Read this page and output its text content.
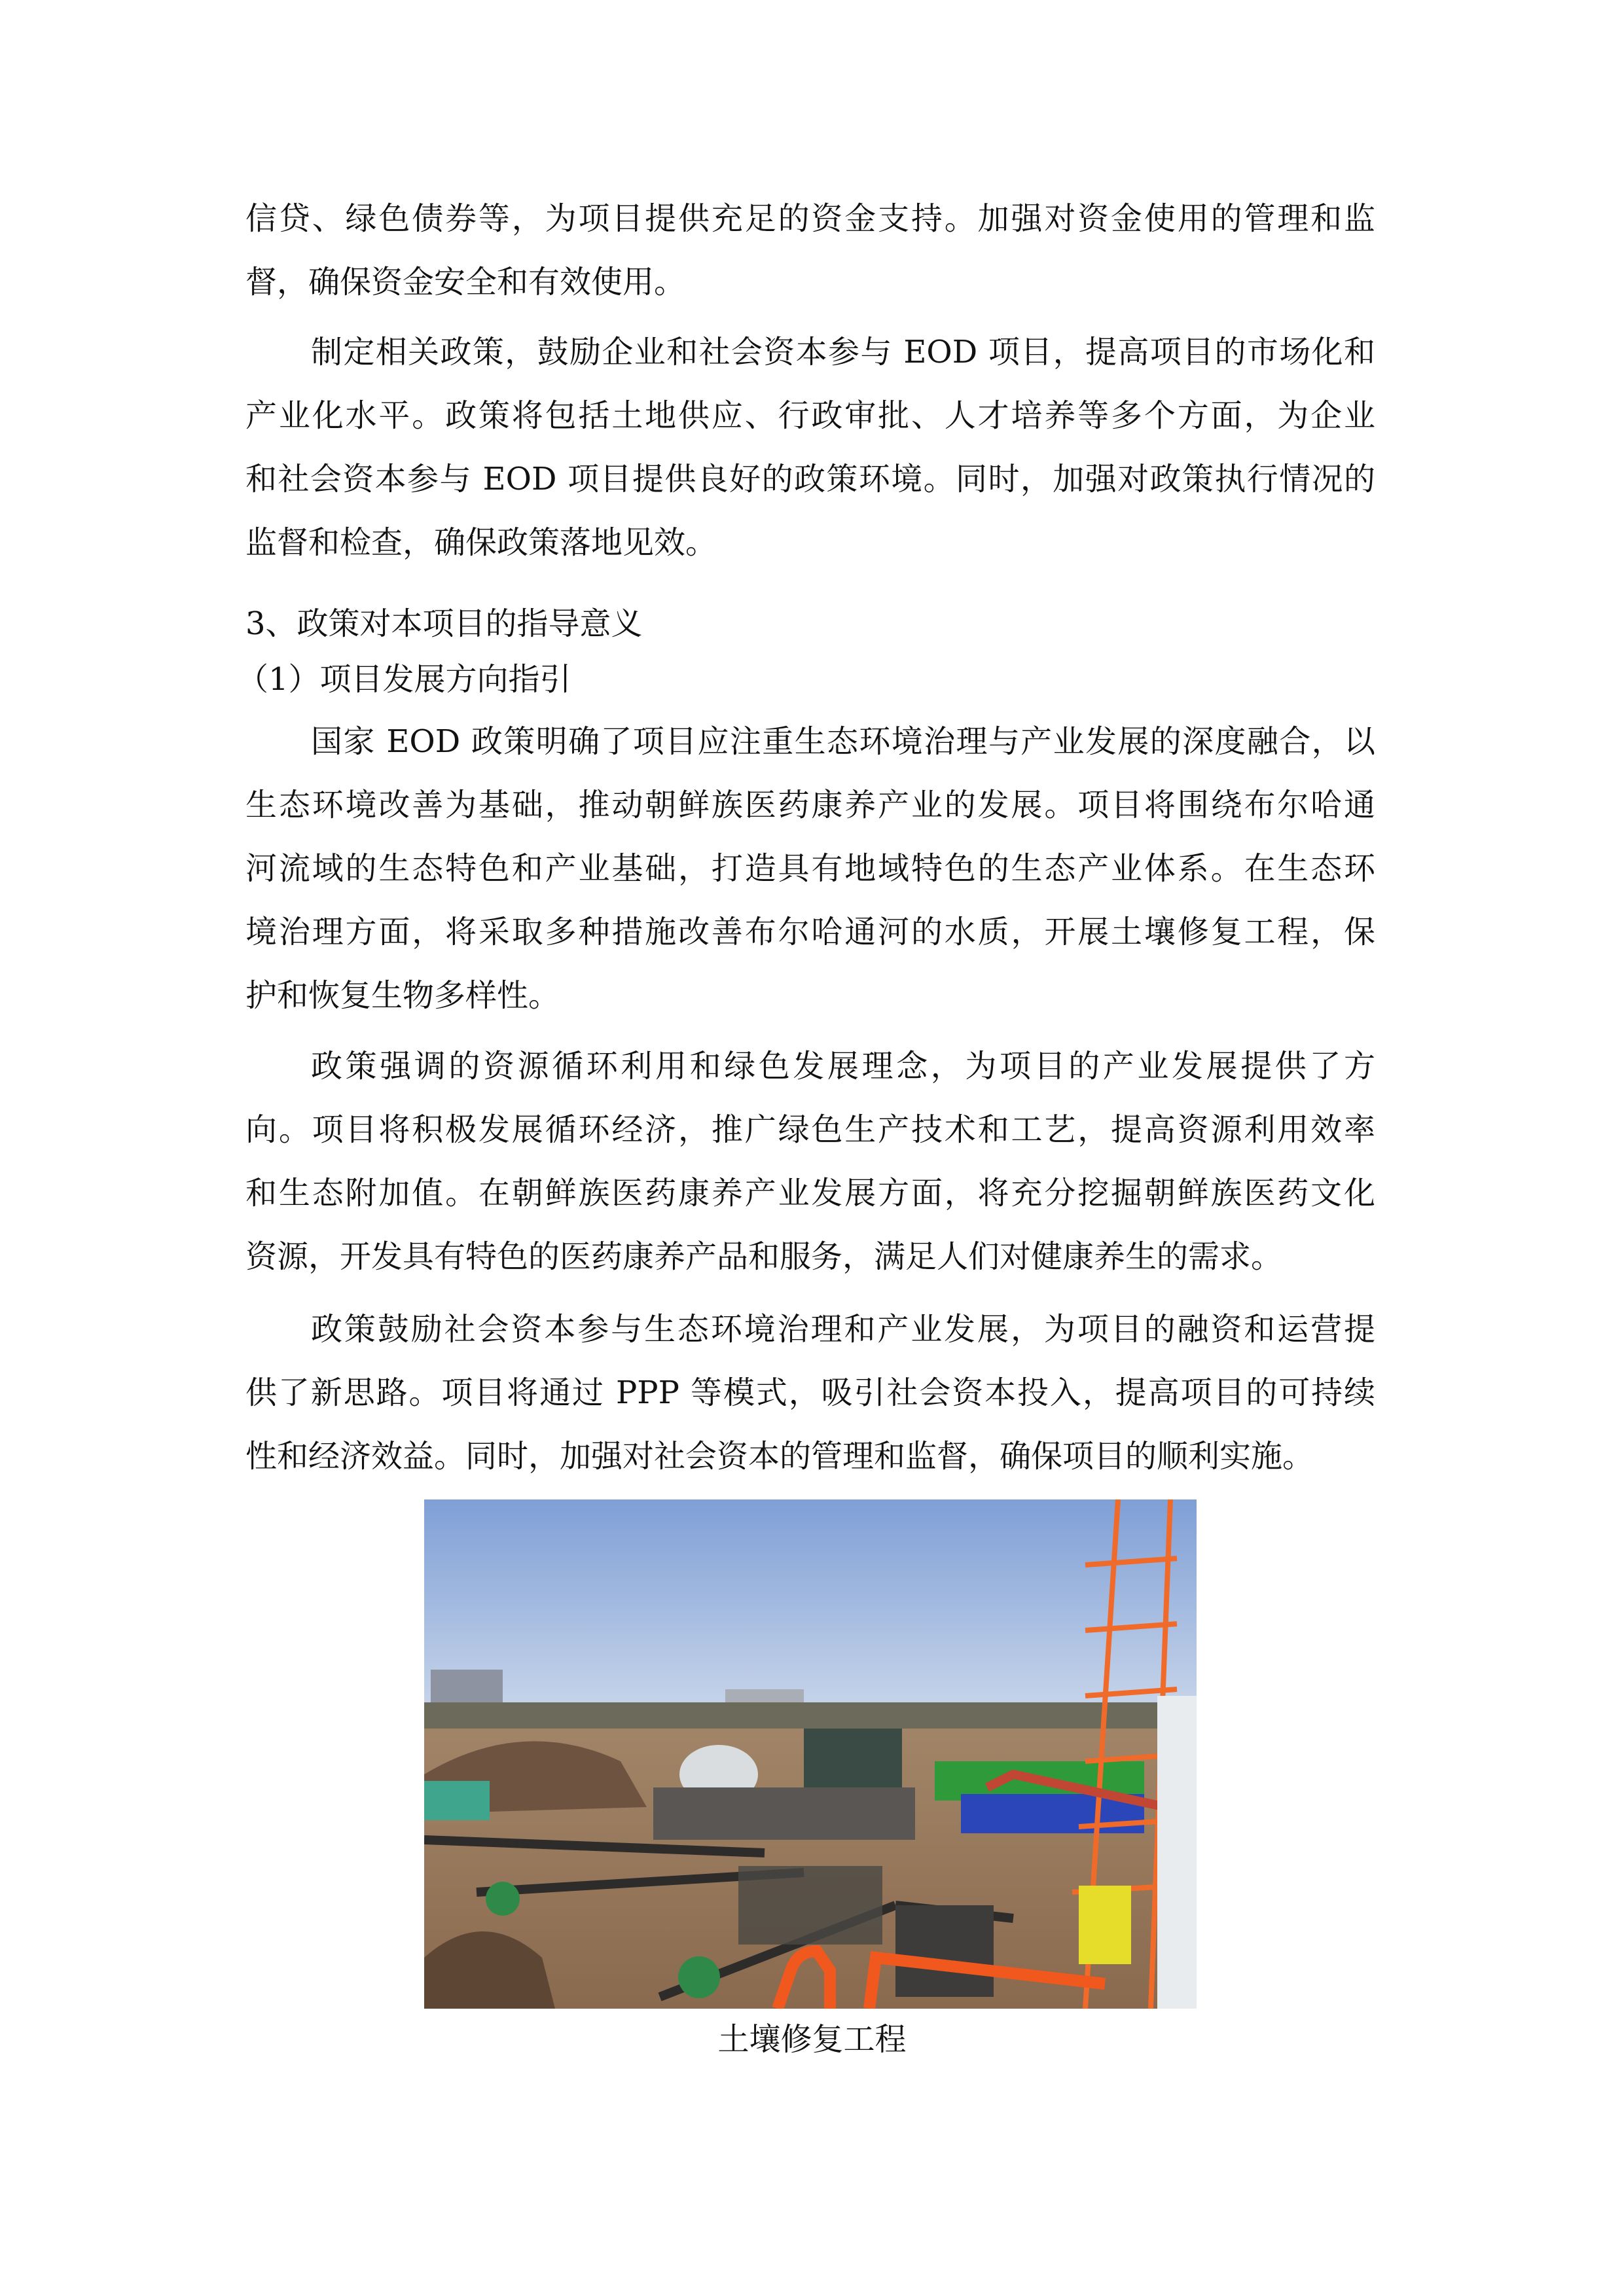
信贷、绿色债券等，为项目提供充足的资金支持。加强对资金使用的管理和监
督，确保资金安全和有效使用。
制定相关政策，鼓励企业和社会资本参与 EOD 项目，提高项目的市场化和
产业化水平。政策将包括土地供应、行政审批、人才培养等多个方面，为企业
和社会资本参与 EOD 项目提供良好的政策环境。同时，加强对政策执行情况的
监督和检查，确保政策落地见效。
3、政策对本项目的指导意义
（1）项目发展方向指引
国家 EOD 政策明确了项目应注重生态环境治理与产业发展的深度融合，以
生态环境改善为基础，推动朝鲜族医药康养产业的发展。项目将围绕布尔哈通
河流域的生态特色和产业基础，打造具有地域特色的生态产业体系。在生态环
境治理方面，将采取多种措施改善布尔哈通河的水质，开展土壤修复工程，保
护和恢复生物多样性。
政策强调的资源循环利用和绿色发展理念，为项目的产业发展提供了方
向。项目将积极发展循环经济，推广绿色生产技术和工艺，提高资源利用效率
和生态附加值。在朝鲜族医药康养产业发展方面，将充分挖掘朝鲜族医药文化
资源，开发具有特色的医药康养产品和服务，满足人们对健康养生的需求。
政策鼓励社会资本参与生态环境治理和产业发展，为项目的融资和运营提
供了新思路。项目将通过 PPP 等模式，吸引社会资本投入，提高项目的可持续
性和经济效益。同时，加强对社会资本的管理和监督，确保项目的顺利实施。
土壤修复工程
